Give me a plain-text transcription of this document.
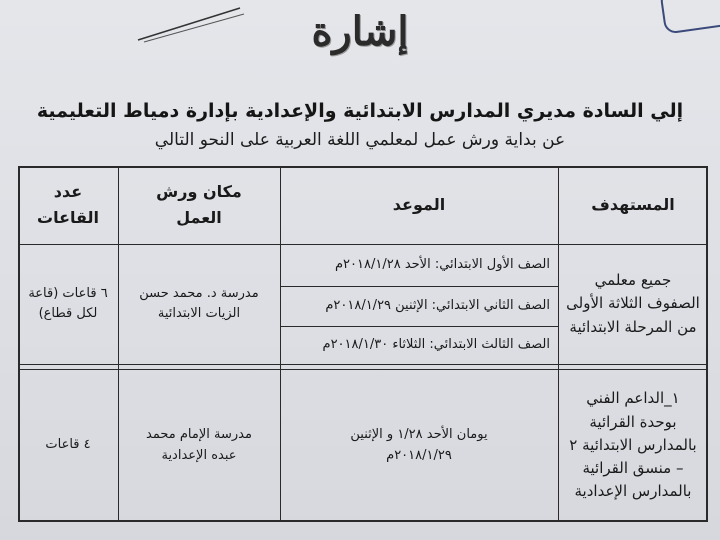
إشارة
إلي السادة مديري المدارس الابتدائية والإعدادية بإدارة دمياط التعليمية
عن بداية ورش عمل لمعلمي اللغة العربية على النحو التالي
المستهدف
الموعد
مكان ورش العمل
عدد القاعات
جميع معلمي الصفوف الثلاثة الأولى من المرحلة الابتدائية
الصف الأول الابتدائي: الأحد ٢٠١٨/١/٢٨م
الصف الثاني الابتدائي: الإثنين ٢٠١٨/١/٢٩م
الصف الثالث الابتدائي: الثلاثاء ٢٠١٨/١/٣٠م
مدرسة د. محمد حسن الزيات الابتدائية
٦ قاعات (قاعة لكل قطاع)
١_الداعم الفني بوحدة القرائية بالمدارس الابتدائية ٢ – منسق القرائية بالمدارس الإعدادية
يومان الأحد ١/٢٨ و الإثنين ٢٠١٨/١/٢٩م
مدرسة الإمام محمد عبده الإعدادية
٤ قاعات
